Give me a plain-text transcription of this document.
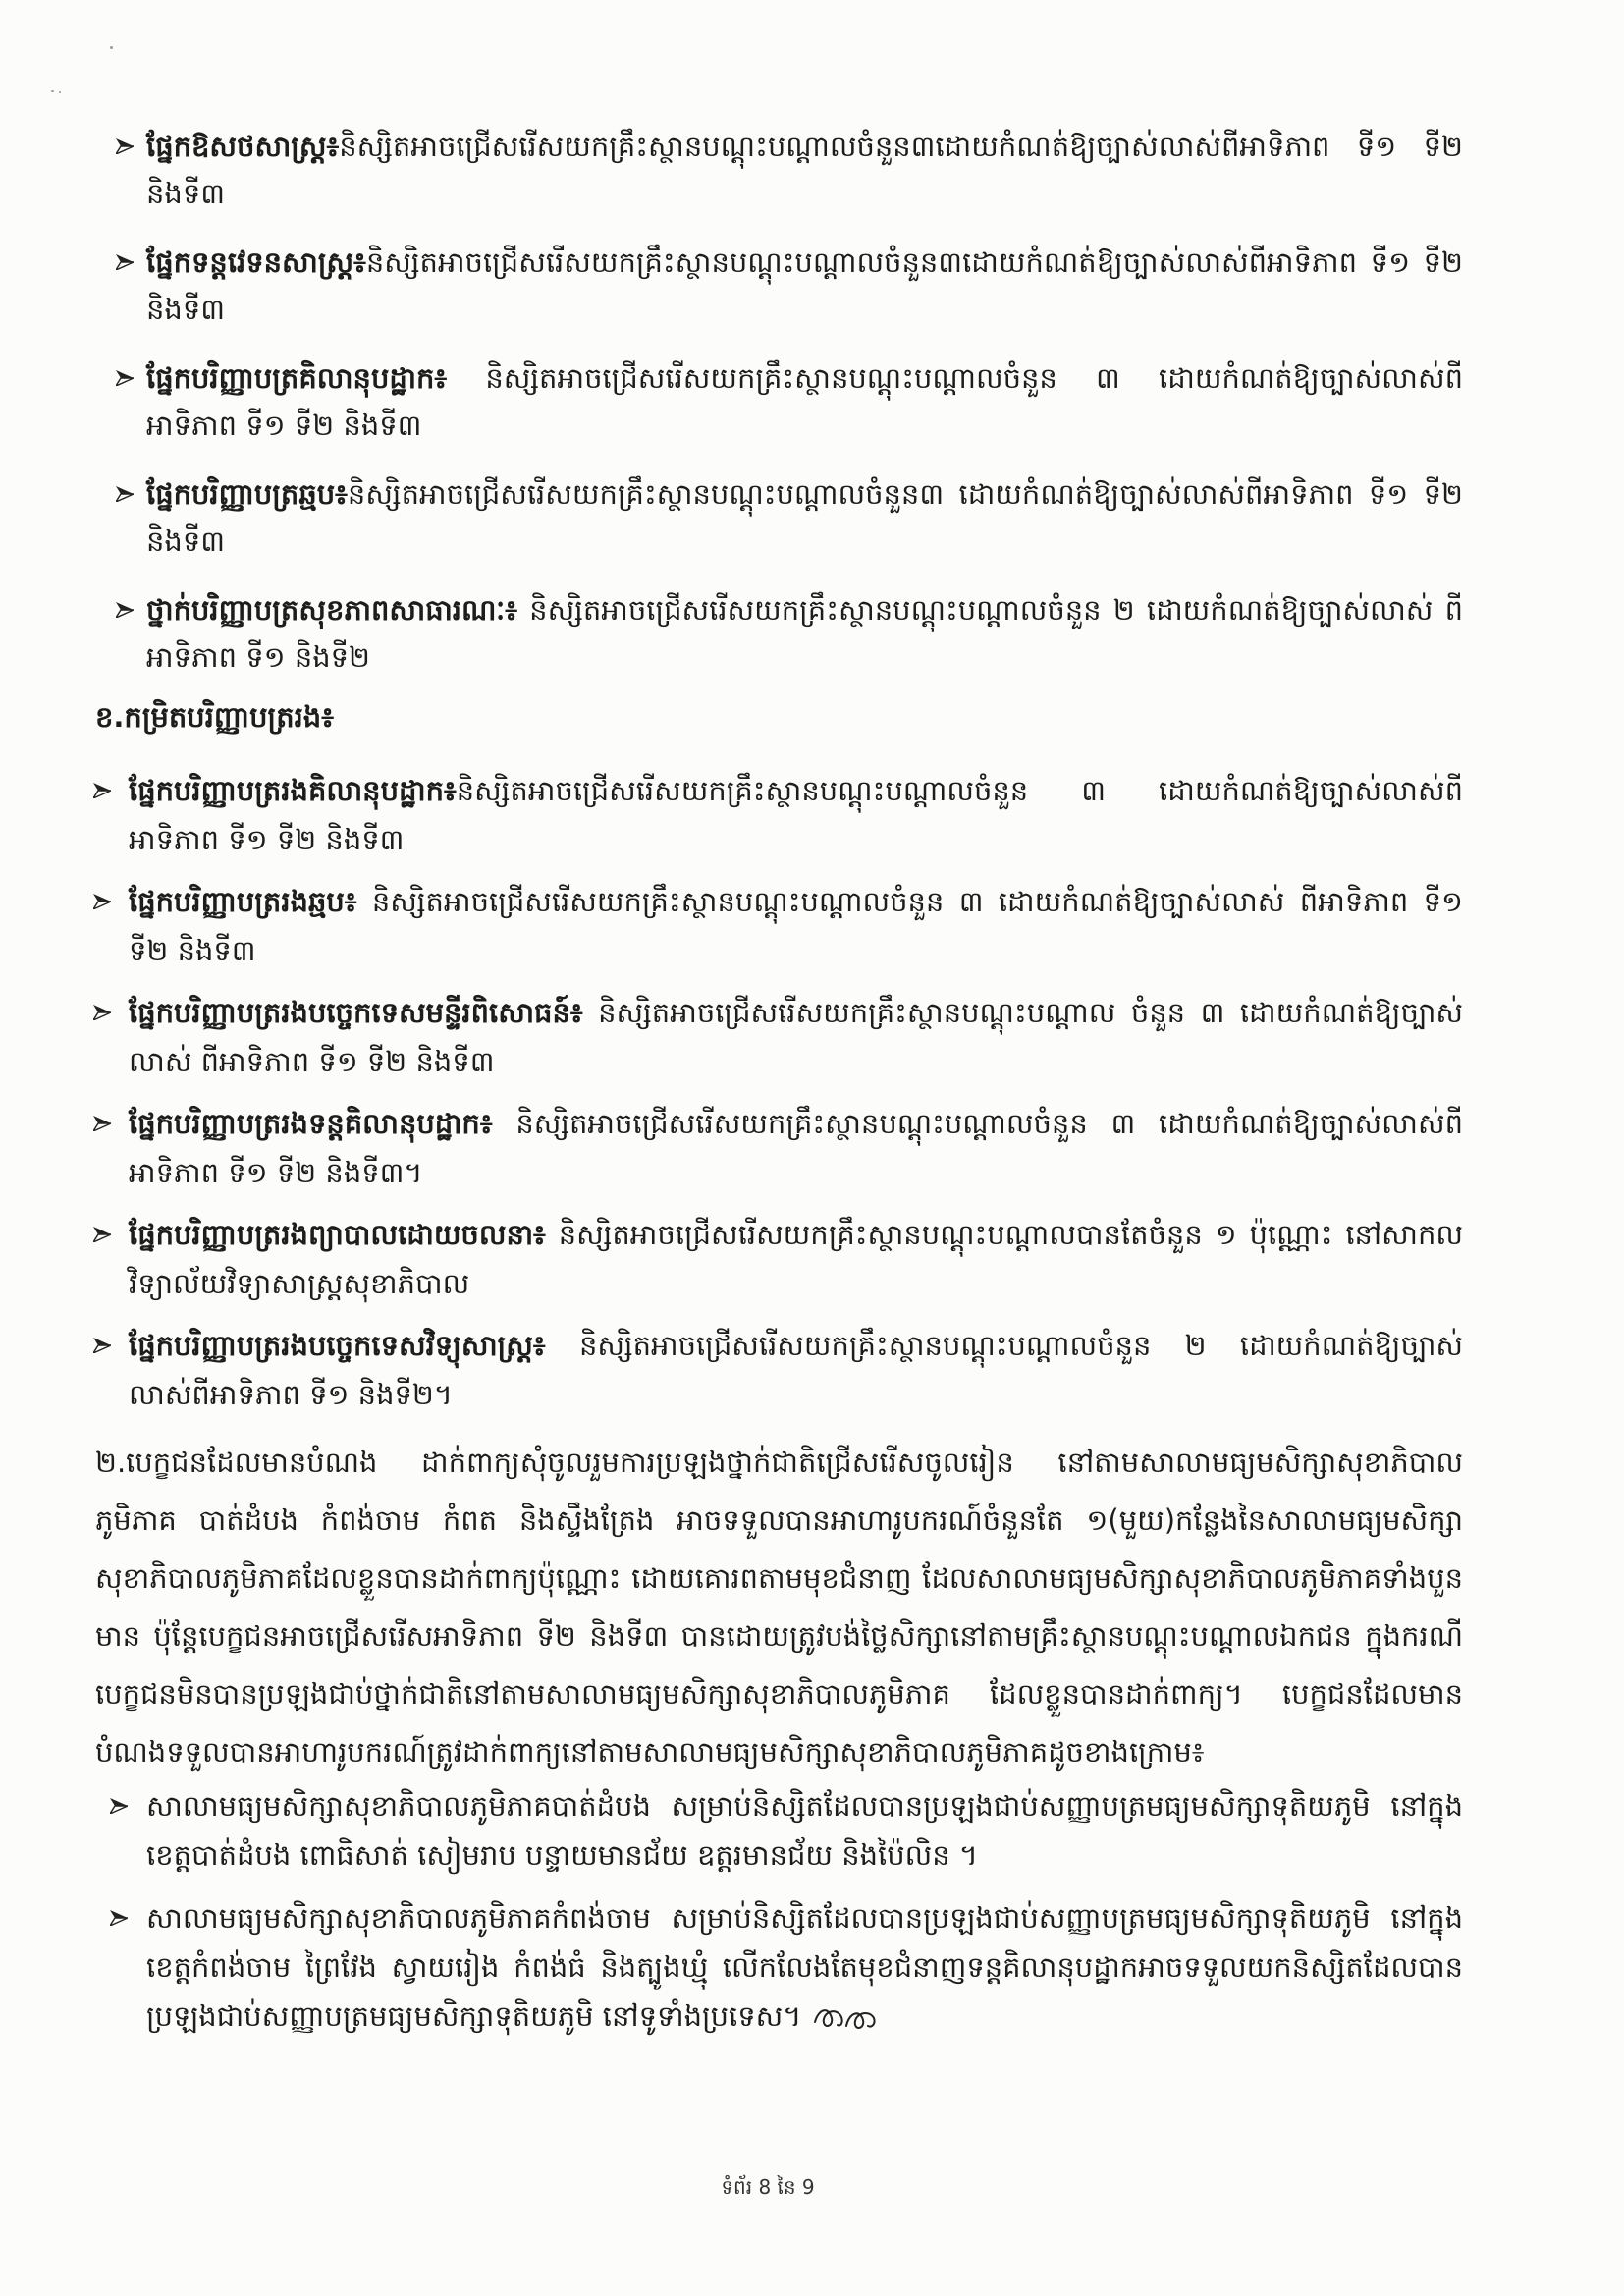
ផ្នែកឱសថសាស្ត្រ៖និស្សិតអាចជ្រើសរើសយកគ្រឹះស្ថានបណ្តុះបណ្តាលចំនួន៣ដោយកំណត់ឱ្យច្បាស់លាស់ពីអាទិភាព ទី១ ទី២ និងទី៣
ផ្នែកទន្តវេទនសាស្ត្រ៖និស្សិតអាចជ្រើសរើសយកគ្រឹះស្ថានបណ្តុះបណ្តាលចំនួន៣ដោយកំណត់ឱ្យច្បាស់លាស់ពីអាទិភាព ទី១ ទី២ និងទី៣
ផ្នែកបរិញ្ញាបត្រគិលានុបដ្ឋាក៖ និស្សិតអាចជ្រើសរើសយកគ្រឹះស្ថានបណ្តុះបណ្តាលចំនួន ៣ ដោយកំណត់ឱ្យច្បាស់លាស់ពីអាទិភាព ទី១ ទី២ និងទី៣
ផ្នែកបរិញ្ញាបត្រឆ្មប៖និស្សិតអាចជ្រើសរើសយកគ្រឹះស្ថានបណ្តុះបណ្តាលចំនួន៣ ដោយកំណត់ឱ្យច្បាស់លាស់ពីអាទិភាព ទី១ ទី២ និងទី៣
ថ្នាក់បរិញ្ញាបត្រសុខភាពសាធារណៈ៖ និស្សិតអាចជ្រើសរើសយកគ្រឹះស្ថានបណ្តុះបណ្តាលចំនួន ២ ដោយកំណត់ឱ្យច្បាស់លាស់ ពីអាទិភាព ទី១ និងទី២
ខ.កម្រិតបរិញ្ញាបត្ររង៖
ផ្នែកបរិញ្ញាបត្ររងគិលានុបដ្ឋាក៖និស្សិតអាចជ្រើសរើសយកគ្រឹះស្ថានបណ្តុះបណ្តាលចំនួន ៣ ដោយកំណត់ឱ្យច្បាស់លាស់ពីអាទិភាព ទី១ ទី២ និងទី៣
ផ្នែកបរិញ្ញាបត្ររងឆ្មប៖ និស្សិតអាចជ្រើសរើសយកគ្រឹះស្ថានបណ្តុះបណ្តាលចំនួន ៣ ដោយកំណត់ឱ្យច្បាស់លាស់ ពីអាទិភាព ទី១ ទី២ និងទី៣
ផ្នែកបរិញ្ញាបត្ររងបច្ចេកទេសមន្ទីរពិសោធន៍៖ និស្សិតអាចជ្រើសរើសយកគ្រឹះស្ថានបណ្តុះបណ្តាល ចំនួន ៣ ដោយកំណត់ឱ្យច្បាស់លាស់ ពីអាទិភាព ទី១ ទី២ និងទី៣
ផ្នែកបរិញ្ញាបត្ររងទន្តគិលានុបដ្ឋាក៖ និស្សិតអាចជ្រើសរើសយកគ្រឹះស្ថានបណ្តុះបណ្តាលចំនួន ៣ ដោយកំណត់ឱ្យច្បាស់លាស់ពីអាទិភាព ទី១ ទី២ និងទី៣។
ផ្នែកបរិញ្ញាបត្ររងព្យាបាលដោយចលនា៖ និស្សិតអាចជ្រើសរើសយកគ្រឹះស្ថានបណ្តុះបណ្តាលបានតែចំនួន ១ ប៉ុណ្ណោះ នៅសាកលវិទ្យាល័យវិទ្យាសាស្ត្រសុខាភិបាល
ផ្នែកបរិញ្ញាបត្ររងបច្ចេកទេសវិទ្យុសាស្ត្រ៖ និស្សិតអាចជ្រើសរើសយកគ្រឹះស្ថានបណ្តុះបណ្តាលចំនួន ២ ដោយកំណត់ឱ្យច្បាស់លាស់ពីអាទិភាព ទី១ និងទី២។
២.បេក្ខជនដែលមានបំណង ដាក់ពាក្យសុំចូលរួមការប្រឡងថ្នាក់ជាតិជ្រើសរើសចូលរៀន នៅតាមសាលាមធ្យមសិក្សាសុខាភិបាលភូមិភាគ បាត់ដំបង កំពង់ចាម កំពត និងស្ទឹងត្រែង អាចទទួលបានអាហារូបករណ៍ចំនួនតែ ១(មួយ)កន្លែងនៃសាលាមធ្យមសិក្សាសុខាភិបាលភូមិភាគដែលខ្លួនបានដាក់ពាក្យប៉ុណ្ណោះ ដោយគោរពតាមមុខជំនាញ ដែលសាលាមធ្យមសិក្សាសុខាភិបាលភូមិភាគទាំងបួនមាន ប៉ុន្តែបេក្ខជនអាចជ្រើសរើសអាទិភាព ទី២ និងទី៣ បានដោយត្រូវបង់ថ្លៃសិក្សានៅតាមគ្រឹះស្ថានបណ្តុះបណ្តាលឯកជន ក្នុងករណីបេក្ខជនមិនបានប្រឡងជាប់ថ្នាក់ជាតិនៅតាមសាលាមធ្យមសិក្សាសុខាភិបាលភូមិភាគ ដែលខ្លួនបានដាក់ពាក្យ។ បេក្ខជនដែលមានបំណងទទួលបានអាហារូបករណ៍ត្រូវដាក់ពាក្យនៅតាមសាលាមធ្យមសិក្សាសុខាភិបាលភូមិភាគដូចខាងក្រោម៖
សាលាមធ្យមសិក្សាសុខាភិបាលភូមិភាគបាត់ដំបង សម្រាប់និស្សិតដែលបានប្រឡងជាប់សញ្ញាបត្រមធ្យមសិក្សាទុតិយភូមិ នៅក្នុងខេត្តបាត់ដំបង ពោធិសាត់ សៀមរាប បន្ទាយមានជ័យ ឧត្តរមានជ័យ និងប៉ៃលិន ។
សាលាមធ្យមសិក្សាសុខាភិបាលភូមិភាគកំពង់ចាម សម្រាប់និស្សិតដែលបានប្រឡងជាប់សញ្ញាបត្រមធ្យមសិក្សាទុតិយភូមិ នៅក្នុងខេត្តកំពង់ចាម ព្រៃវែង ស្វាយរៀង កំពង់ធំ និងត្បូងឃ្មុំ លើកលែងតែមុខជំនាញទន្តគិលានុបដ្ឋាកអាចទទួលយកនិស្សិតដែលបានប្រឡងជាប់សញ្ញាបត្រមធ្យមសិក្សាទុតិយភូមិ នៅទូទាំងប្រទេស។
ទំព័រ 8 នៃ 9
